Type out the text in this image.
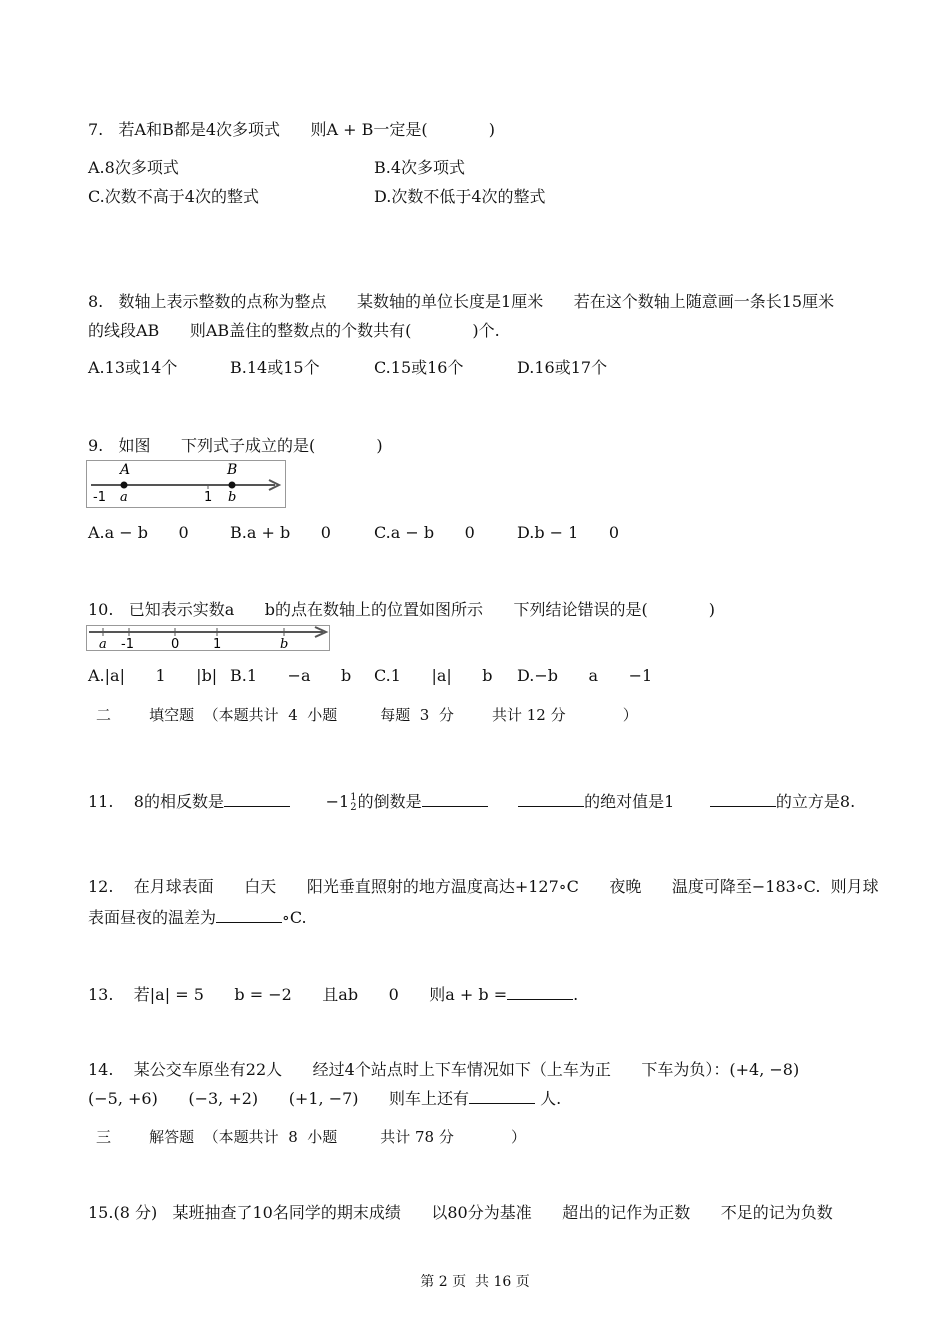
7.   若A和B都是4次多项式      则A + B一定是(            )
A.8次多项式	B.4次多项式
C.次数不高于4次的整式	D.次数不低于4次的整式
8.   数轴上表示整数的点称为整点      某数轴的单位长度是1厘米      若在这个数轴上随意画一条长15厘米
的线段AB      则AB盖住的整数点的个数共有(            )个.
A.13或14个	B.14或15个	C.15或16个	D.16或17个
9.   如图      下列式子成立的是(            )
A	B
-1 a	1 b
A.a − b      0	B.a + b      0	C.a − b      0	D.b − 1      0
10.   已知表示实数a      b的点在数轴上的位置如图所示      下列结论错误的是(            )
a -1	0	1	b
A.|a|      1      |b| B.1      −a      b C.1      |a|      b D.−b      a      −1
二        填空题  （本题共计  4  小题         每题  3  分        共计 12 分            ）
11.    8的相反数是	−1 1
2 的倒数是	的绝对值是1	的立方是8.
12.    在月球表面      白天      阳光垂直照射的地方温度高达+127∘C      夜晚      温度可降至−183∘C.  则月球
表面昼夜的温差为	∘C.
13.    若|a| = 5      b = −2      且ab      0      则a + b =	.
14.    某公交车原坐有22人      经过4个站点时上下车情况如下（上车为正      下车为负）：(+4, −8)
(−5, +6)      (−3, +2)      (+1, −7)      则车上还有	人.
三        解答题  （本题共计  8  小题         共计 78 分            ）
15.(8 分)   某班抽查了10名同学的期末成绩      以80分为基准      超出的记作为正数      不足的记为负数
第 2 页  共 16 页
